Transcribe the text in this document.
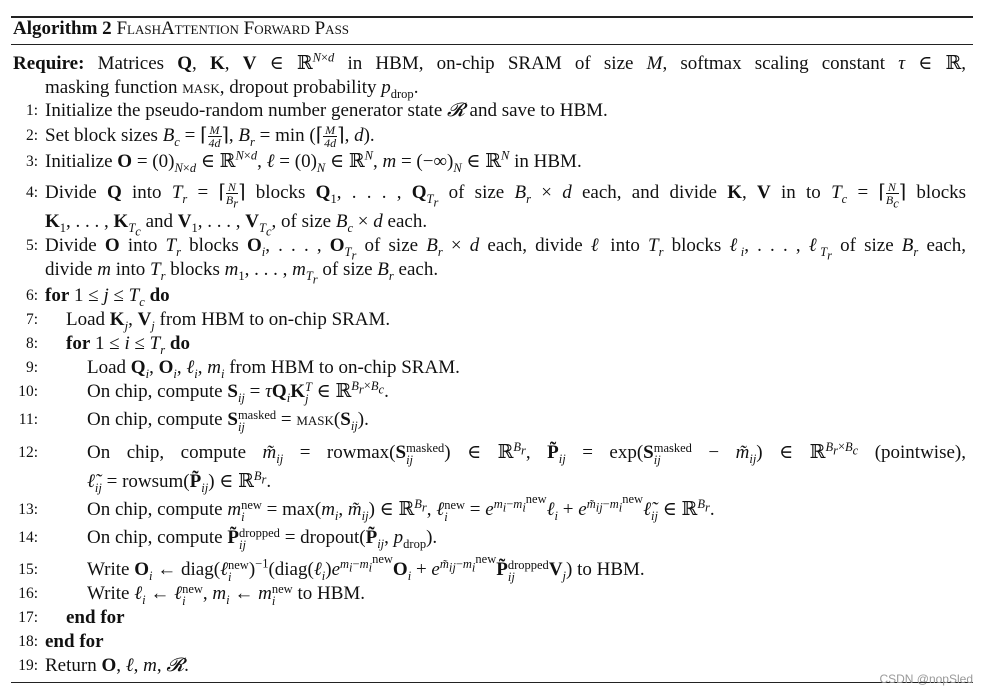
Algorithm 2 FlashAttention Forward Pass
Require: Matrices Q, K, V ∈ ℝ$^{N\times d}$ in HBM, on-chip SRAM of size M, softmax scaling constant τ ∈ ℝ,
masking function mask, dropout probability $p_{drop}$.
1: Initialize the pseudo-random number generator state 𝓡 and save to HBM.
2: Set block sizes $B_c$ = ⌈ $\frac{M}{4d}$ ⌉, $B_r = \min$ (⌈ $\frac{M}{4d}$ ⌉, d).
3: Initialize $O = (0)_{N\times d}$ ∈ ℝ$^{N\times d}$, ℓ = $(0)_N$ ∈ ℝ$^N$, $m = (-\infty)_N$ ∈ ℝ$^N$ in HBM.
4: Divide Q into $T_r$ = ⌈ $\frac{N}{B_r}$ ⌉ blocks $Q_1$, . . . , $Q_{T_r}$ of size $B_r \times d$ each, and divide K, V in to $T_c$ = ⌈ $\frac{N}{B_c}$ ⌉ blocks
$K_1$, . . . , $K_{T_c}$ and $V_1$, . . . , $V_{T_c}$, of size $B_c \times d$ each.
5: Divide O into $T_r$ blocks $O_i$, . . . , $O_{T_r}$ of size $B_r \times d$ each, divide ℓ into $T_r$ blocks ℓ$_i$, . . . , ℓ$_{T_r}$ of size $B_r$ each,
divide m into $T_r$ blocks $m_1$, . . . , $m_{T_r}$ of size $B_r$ each.
6: for $1 \le j \le T_c$ do
7: Load $K_j$, $V_j$ from HBM to on-chip SRAM.
8: for $1 \le i \le T_r$ do
9:	Load $Q_i$, $O_i$, ℓ$_i$, $m_i$ from HBM to on-chip SRAM.
10:	On chip, compute $S_{ij} = \tau Q_iK$ T
j ∈ ℝ$^{B_r\times B_c}$.
11:	On chip, compute S masked
ij	= $mask(S_{ij})$.
12:	On chip, compute $m̃_{ij} = rowmax(S$ masked
ij	) ∈ ℝ$^{B_r}$, $P̃_{ij} = \exp(S$ masked
ij	− $m̃_{ij}$) ∈ ℝ$^{B_r\times B_c}$ (pointwise),
$\ell̃_{ij}$ = $rowsum(P̃_{ij})$ ∈ ℝ$^{B_r}$.
13:	On chip, compute m new
$i = \max(m_i$, $m̃_{ij}$) ∈ ℝ$^{B_r}$, ℓ new
$i = e^{m_i-m_i^{new}}\ell_i$ + $e^{m̃_{ij}-m_i^{new}}\ell̃_{ij}$ ∈ ℝ$^{B_r}$.
14:	On chip, compute P̃ dropped
ij	= $dropout(P̃_{ij}$, $p_{drop}$).
15:	Write $O_i$ ← diag(ℓ new
i )$^{-1}(diag(\ell_i)e^{m_i-m_i^{new}}O_i$ + $e^{m̃_{ij}-m_i^{new}}P̃$ dropped
ij	$V_j$) to HBM.
16:	Write ℓ$_i$ ← ℓ new
i , $m_i$ ← m new
i to HBM.
17: end for
18: end for
19: Return O, ℓ, m, 𝓡.
CSDN @nopSled
